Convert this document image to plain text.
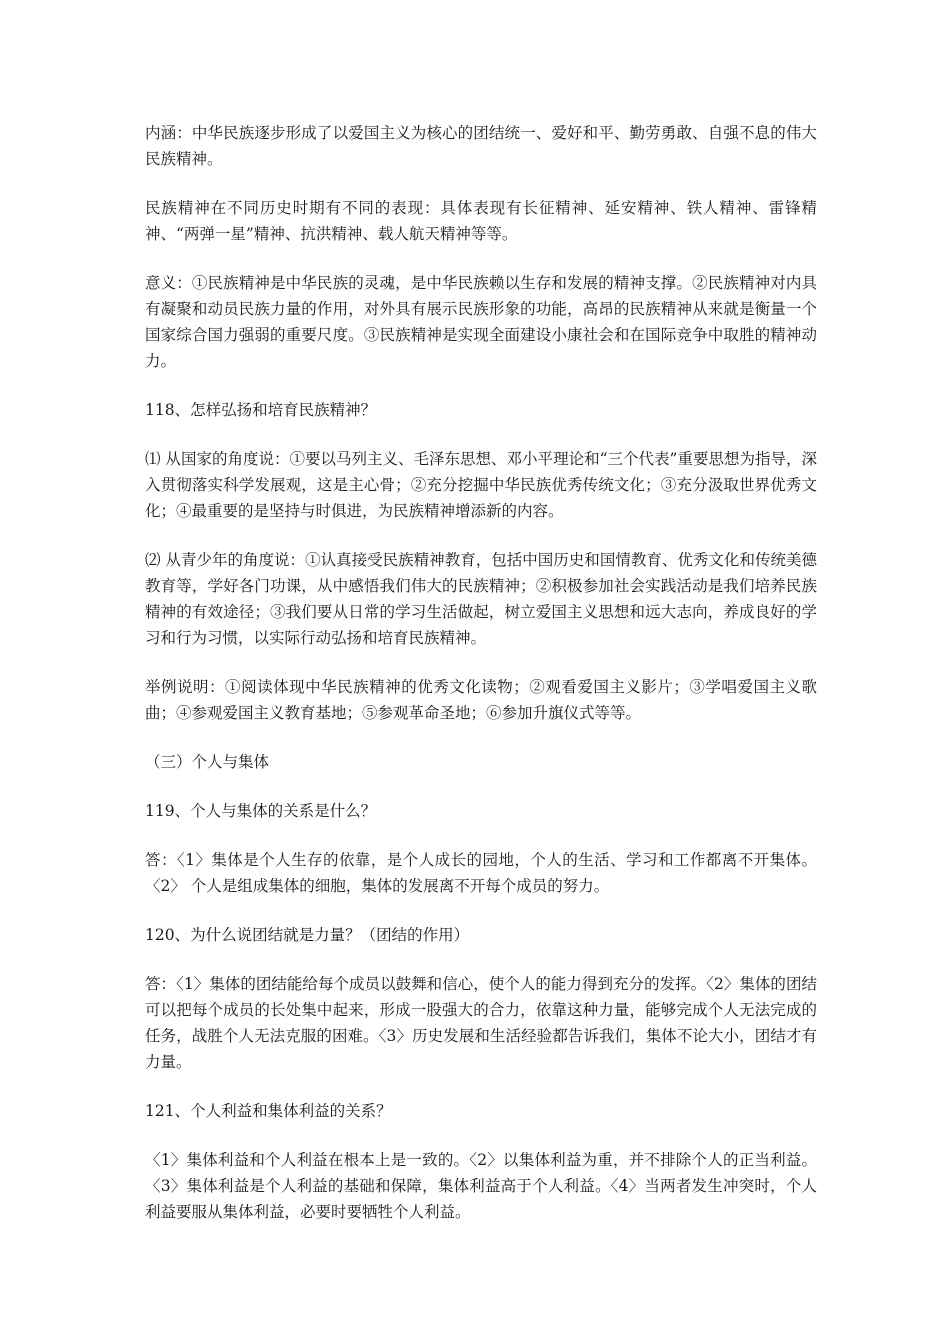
内涵：中华民族逐步形成了以爱国主义为核心的团结统一、爱好和平、勤劳勇敢、自强不息的伟大民族精神。

民族精神在不同历史时期有不同的表现：具体表现有长征精神、延安精神、铁人精神、雷锋精神、“两弹一星”精神、抗洪精神、载人航天精神等等。

意义：①民族精神是中华民族的灵魂，是中华民族赖以生存和发展的精神支撑。②民族精神对内具有凝聚和动员民族力量的作用，对外具有展示民族形象的功能，高昂的民族精神从来就是衡量一个国家综合国力强弱的重要尺度。③民族精神是实现全面建设小康社会和在国际竞争中取胜的精神动力。

118、怎样弘扬和培育民族精神？

⑴ 从国家的角度说：①要以马列主义、毛泽东思想、邓小平理论和“三个代表”重要思想为指导，深入贯彻落实科学发展观，这是主心骨；②充分挖掘中华民族优秀传统文化；③充分汲取世界优秀文化；④最重要的是坚持与时俱进，为民族精神增添新的内容。

⑵ 从青少年的角度说：①认真接受民族精神教育，包括中国历史和国情教育、优秀文化和传统美德教育等，学好各门功课，从中感悟我们伟大的民族精神；②积极参加社会实践活动是我们培养民族精神的有效途径；③我们要从日常的学习生活做起，树立爱国主义思想和远大志向，养成良好的学习和行为习惯，以实际行动弘扬和培育民族精神。

举例说明：①阅读体现中华民族精神的优秀文化读物；②观看爱国主义影片；③学唱爱国主义歌曲；④参观爱国主义教育基地；⑤参观革命圣地；⑥参加升旗仪式等等。

（三）个人与集体

119、个人与集体的关系是什么？

答：〈1〉集体是个人生存的依靠，是个人成长的园地，个人的生活、学习和工作都离不开集体。〈2〉 个人是组成集体的细胞，集体的发展离不开每个成员的努力。

120、为什么说团结就是力量？（团结的作用）

答：〈1〉集体的团结能给每个成员以鼓舞和信心，使个人的能力得到充分的发挥。〈2〉集体的团结可以把每个成员的长处集中起来，形成一股强大的合力，依靠这种力量，能够完成个人无法完成的任务，战胜个人无法克服的困难。〈3〉历史发展和生活经验都告诉我们，集体不论大小，团结才有力量。

121、个人利益和集体利益的关系？

〈1〉集体利益和个人利益在根本上是一致的。〈2〉以集体利益为重，并不排除个人的正当利益。〈3〉集体利益是个人利益的基础和保障，集体利益高于个人利益。〈4〉当两者发生冲突时，个人利益要服从集体利益，必要时要牺牲个人利益。
